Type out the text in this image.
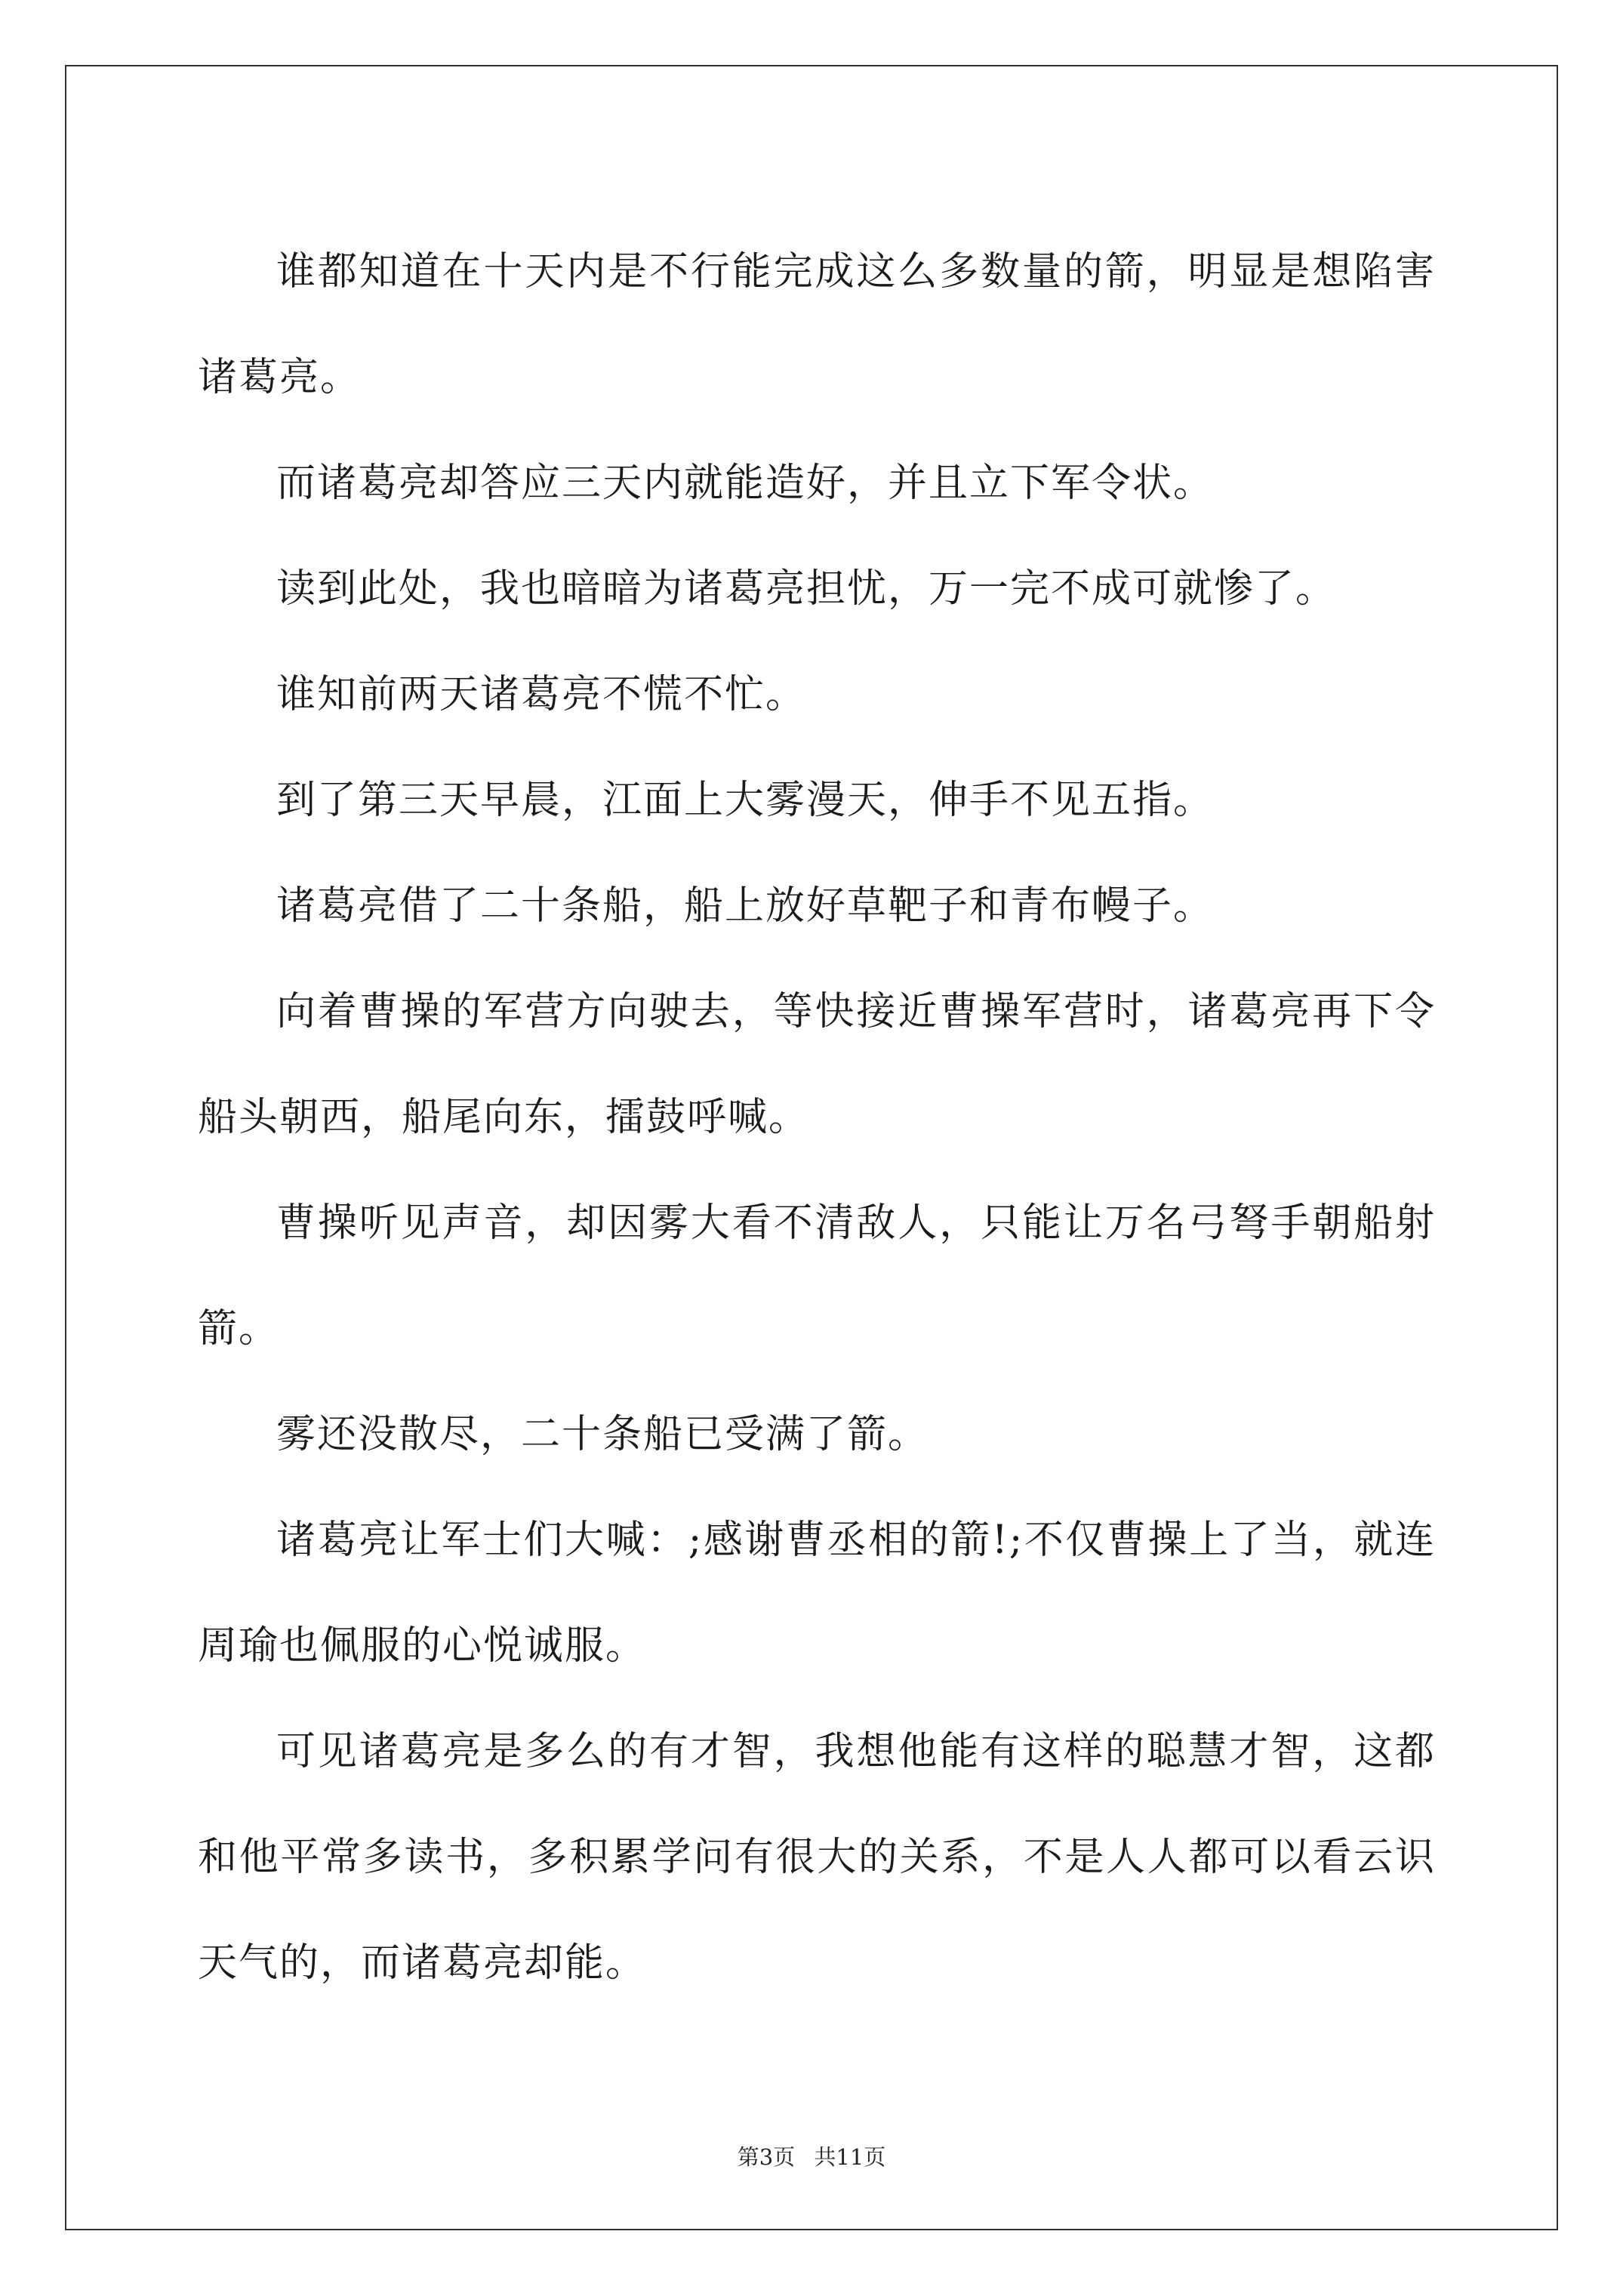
谁都知道在十天内是不行能完成这么多数量的箭，明显是想陷害诸葛亮。

而诸葛亮却答应三天内就能造好，并且立下军令状。

读到此处，我也暗暗为诸葛亮担忧，万一完不成可就惨了。

谁知前两天诸葛亮不慌不忙。

到了第三天早晨，江面上大雾漫天，伸手不见五指。

诸葛亮借了二十条船，船上放好草靶子和青布幔子。

向着曹操的军营方向驶去，等快接近曹操军营时，诸葛亮再下令船头朝西，船尾向东，擂鼓呼喊。

曹操听见声音，却因雾大看不清敌人，只能让万名弓弩手朝船射箭。

雾还没散尽，二十条船已受满了箭。

诸葛亮让军士们大喊：;感谢曹丞相的箭!;不仅曹操上了当，就连周瑜也佩服的心悦诚服。

可见诸葛亮是多么的有才智，我想他能有这样的聪慧才智，这都和他平常多读书，多积累学问有很大的关系，不是人人都可以看云识天气的，而诸葛亮却能。

第3页 共11页
